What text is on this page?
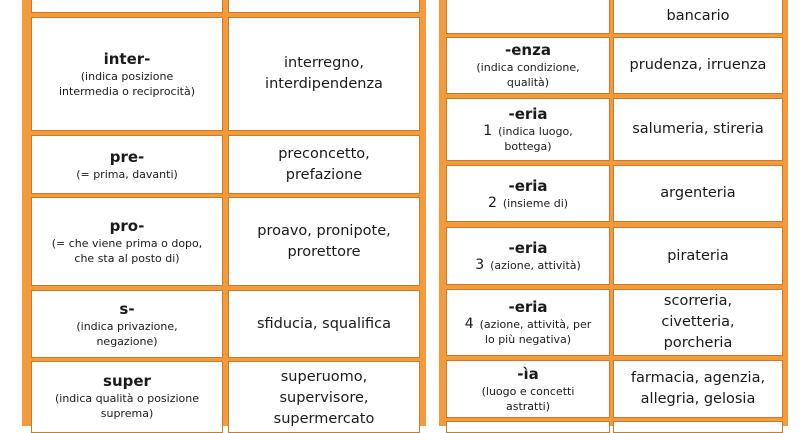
inter-
(indica posizione
intermedia o reciprocità)
interregno,
interdipendenza
pre-
(= prima, davanti)
preconcetto,
prefazione
pro-
(= che viene prima o dopo,
che sta al posto di)
proavo, pronipote,
prorettore
s-
(indica privazione,
negazione)
sfiducia, squalifica
super
(indica qualità o posizione
suprema)
superuomo,
supervisore,
supermercato
bancario
-enza
(indica condizione,
qualità)
prudenza, irruenza
-eria
1 (indica luogo,
bottega)
salumeria, stireria
-eria
2 (insieme di)
argenteria
-eria
3 (azione, attività)
pirateria
-eria
4 (azione, attività, per
lo più negativa)
scorreria,
civetteria,
porcheria
-ìa
(luogo e concetti
astratti)
farmacia, agenzia,
allegria, gelosia
